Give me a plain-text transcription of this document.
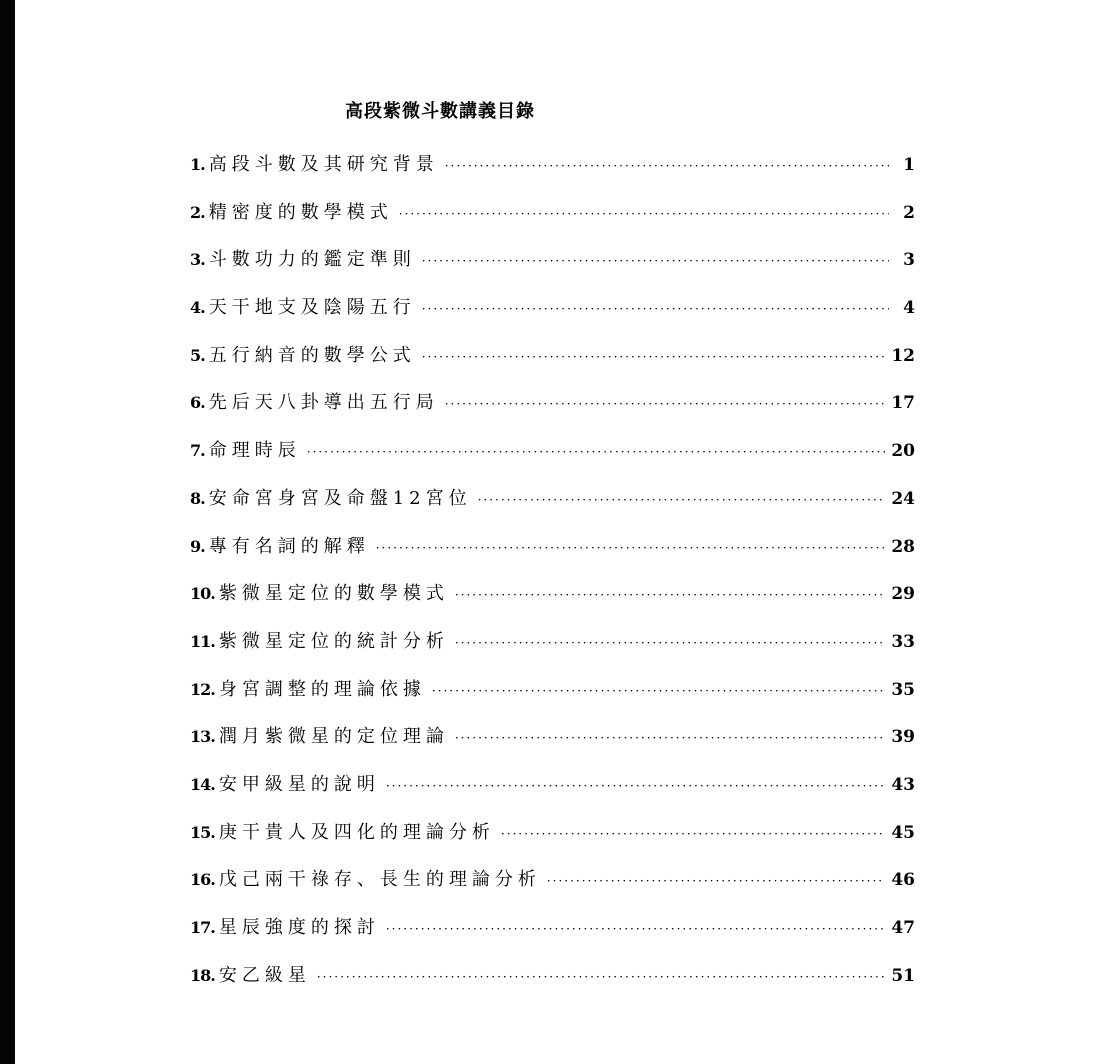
高段紫微斗數講義目錄
1. 高段斗數及其研究背景 ·····	1
2. 精密度的數學模式 ·····	2
3. 斗數功力的鑑定準則 ·····	3
4. 天干地支及陰陽五行 ·····	4
5. 五行納音的數學公式 ·····	12
6. 先后天八卦導出五行局 ·····	17
7. 命理時辰 ·····	20
8. 安命宮身宮及命盤12宮位 ·····	24
9. 專有名詞的解釋 ·····	28
10. 紫微星定位的數學模式 ·····	29
11. 紫微星定位的統計分析 ·····	33
12. 身宮調整的理論依據 ·····	35
13. 潤月紫微星的定位理論 ·····	39
14. 安甲級星的說明 ·····	43
15. 庚干貴人及四化的理論分析 ·····	45
16. 戊己兩干祿存、長生的理論分析 ·····	46
17. 星辰強度的探討 ·····	47
18. 安乙級星 ·····	51
